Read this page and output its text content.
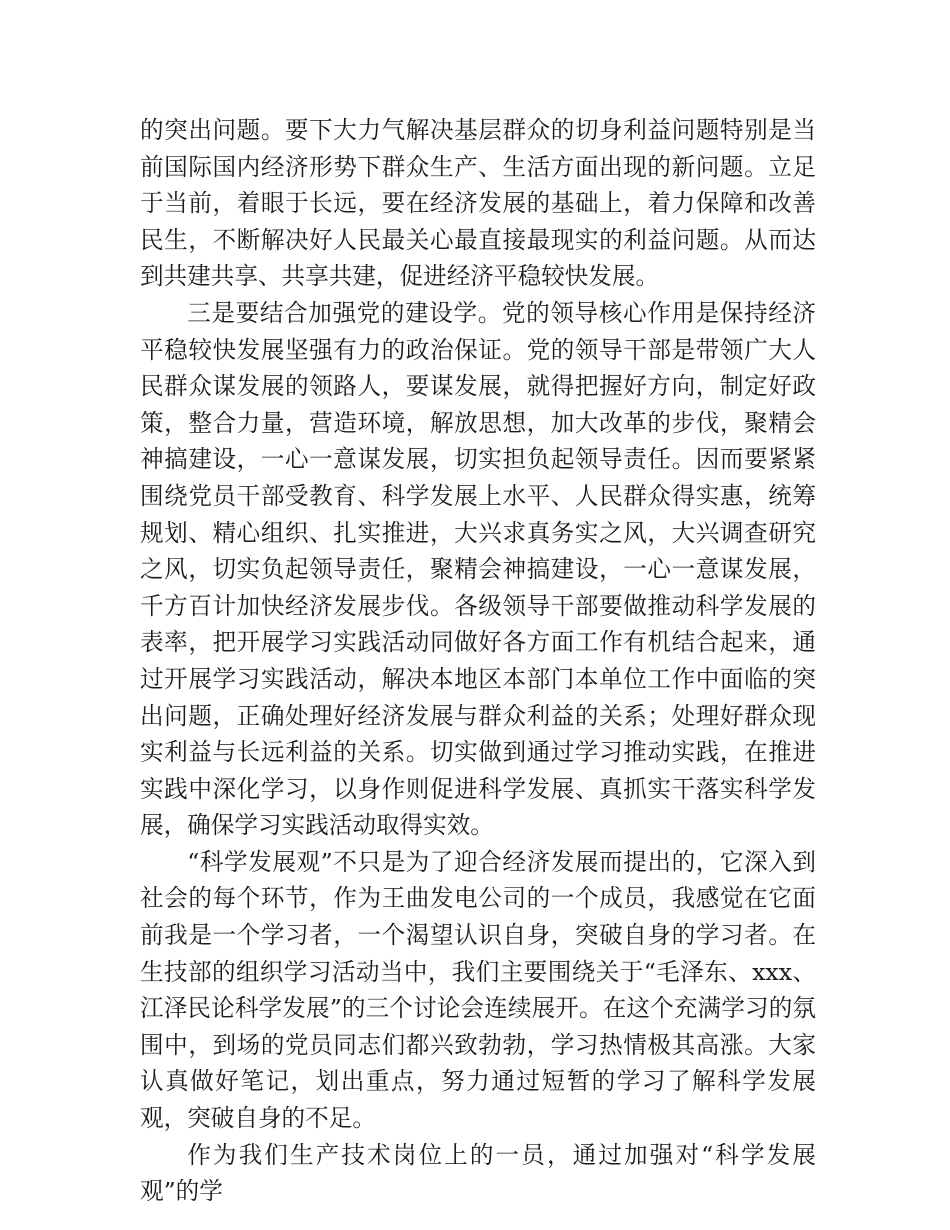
的突出问题。要下大力气解决基层群众的切身利益问题特别是当前国际国内经济形势下群众生产、生活方面出现的新问题。立足于当前，着眼于长远，要在经济发展的基础上，着力保障和改善民生，不断解决好人民最关心最直接最现实的利益问题。从而达到共建共享、共享共建，促进经济平稳较快发展。

三是要结合加强党的建设学。党的领导核心作用是保持经济平稳较快发展坚强有力的政治保证。党的领导干部是带领广大人民群众谋发展的领路人，要谋发展，就得把握好方向，制定好政策，整合力量，营造环境，解放思想，加大改革的步伐，聚精会神搞建设，一心一意谋发展，切实担负起领导责任。因而要紧紧围绕党员干部受教育、科学发展上水平、人民群众得实惠，统筹规划、精心组织、扎实推进，大兴求真务实之风，大兴调查研究之风，切实负起领导责任，聚精会神搞建设，一心一意谋发展，千方百计加快经济发展步伐。各级领导干部要做推动科学发展的表率，把开展学习实践活动同做好各方面工作有机结合起来，通过开展学习实践活动，解决本地区本部门本单位工作中面临的突出问题，正确处理好经济发展与群众利益的关系；处理好群众现实利益与长远利益的关系。切实做到通过学习推动实践，在推进实践中深化学习，以身作则促进科学发展、真抓实干落实科学发展，确保学习实践活动取得实效。

“科学发展观”不只是为了迎合经济发展而提出的，它深入到社会的每个环节，作为王曲发电公司的一个成员，我感觉在它面前我是一个学习者，一个渴望认识自身，突破自身的学习者。在生技部的组织学习活动当中，我们主要围绕关于“毛泽东、xxx、江泽民论科学发展”的三个讨论会连续展开。在这个充满学习的氛围中，到场的党员同志们都兴致勃勃，学习热情极其高涨。大家认真做好笔记，划出重点，努力通过短暂的学习了解科学发展观，突破自身的不足。

作为我们生产技术岗位上的一员，通过加强对“科学发展观”的学
